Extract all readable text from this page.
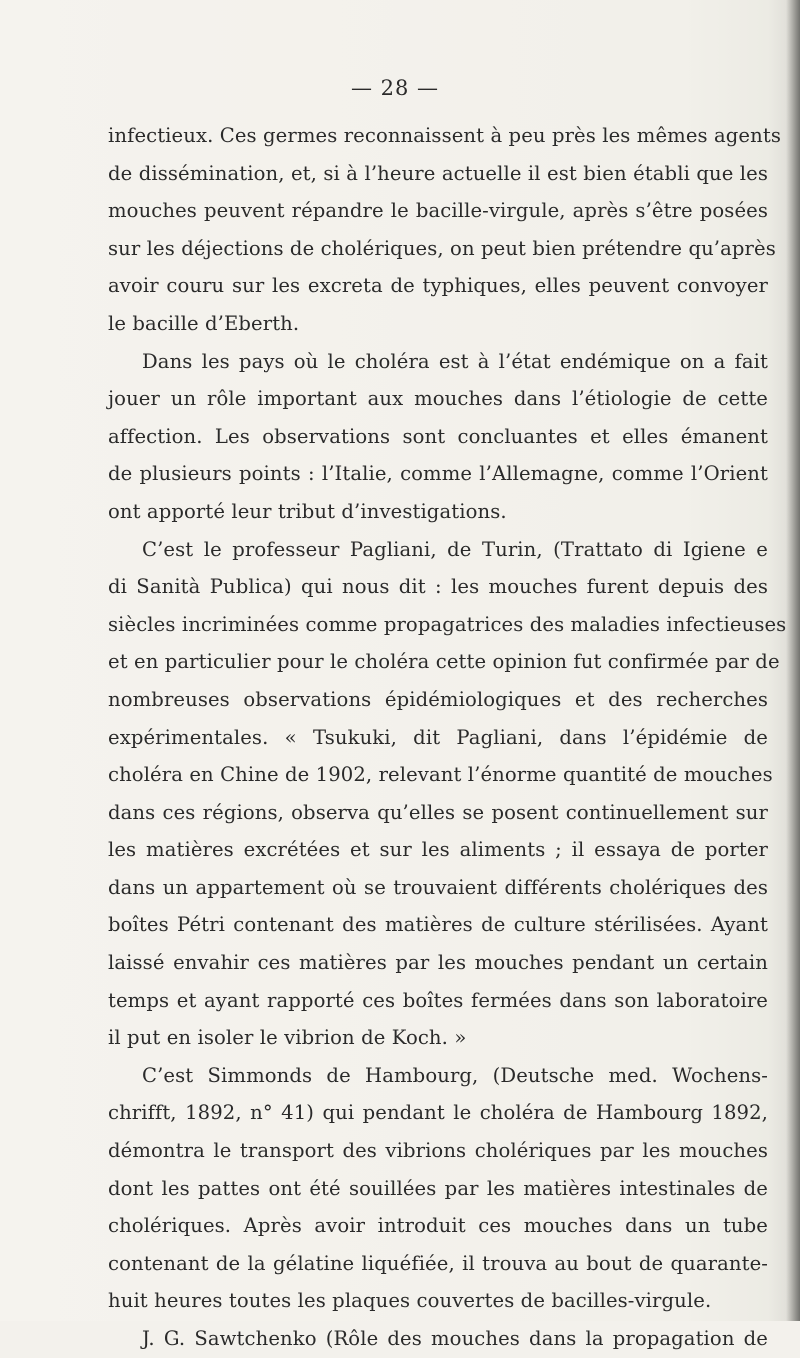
— 28 —
infectieux. Ces germes reconnaissent à peu près les mêmes agents
de dissémination, et, si à l’heure actuelle il est bien établi que les
mouches peuvent répandre le bacille-virgule, après s’être posées
sur les déjections de cholériques, on peut bien prétendre qu’après
avoir couru sur les excreta de typhiques, elles peuvent convoyer
le bacille d’Eberth.
Dans les pays où le choléra est à l’état endémique on a fait
jouer un rôle important aux mouches dans l’étiologie de cette
affection. Les observations sont concluantes et elles émanent
de plusieurs points : l’Italie, comme l’Allemagne, comme l’Orient
ont apporté leur tribut d’investigations.
C’est le professeur Pagliani, de Turin, (Trattato di Igiene e
di Sanità Publica) qui nous dit : les mouches furent depuis des
siècles incriminées comme propagatrices des maladies infectieuses
et en particulier pour le choléra cette opinion fut confirmée par de
nombreuses observations épidémiologiques et des recherches
expérimentales. « Tsukuki, dit Pagliani, dans l’épidémie de
choléra en Chine de 1902, relevant l’énorme quantité de mouches
dans ces régions, observa qu’elles se posent continuellement sur
les matières excrétées et sur les aliments ; il essaya de porter
dans un appartement où se trouvaient différents cholériques des
boîtes Pétri contenant des matières de culture stérilisées. Ayant
laissé envahir ces matières par les mouches pendant un certain
temps et ayant rapporté ces boîtes fermées dans son laboratoire
il put en isoler le vibrion de Koch. »
C’est Simmonds de Hambourg, (Deutsche med. Wochens-
chrifft, 1892, n° 41) qui pendant le choléra de Hambourg 1892,
démontra le transport des vibrions cholériques par les mouches
dont les pattes ont été souillées par les matières intestinales de
cholériques. Après avoir introduit ces mouches dans un tube
contenant de la gélatine liquéfiée, il trouva au bout de quarante-
huit heures toutes les plaques couvertes de bacilles-virgule.
J. G. Sawtchenko (Rôle des mouches dans la propagation de
